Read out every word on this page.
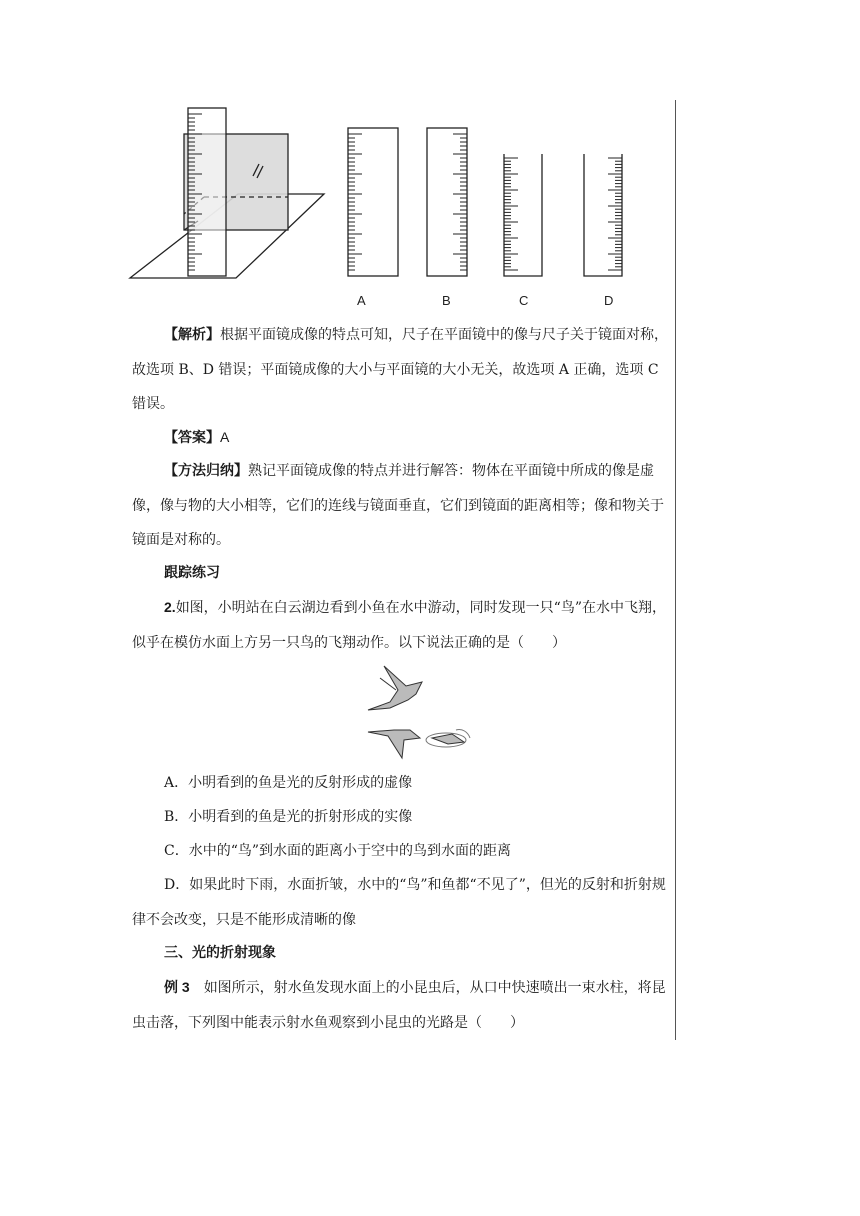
A	B	C	D

【解析】根据平面镜成像的特点可知，尺子在平面镜中的像与尺子关于镜面对称，故选项 B、D 错误；平面镜成像的大小与平面镜的大小无关，故选项 A 正确，选项 C 错误。

【答案】A

【方法归纳】熟记平面镜成像的特点并进行解答：物体在平面镜中所成的像是虚像，像与物的大小相等，它们的连线与镜面垂直，它们到镜面的距离相等；像和物关于镜面是对称的。

跟踪练习

2.如图，小明站在白云湖边看到小鱼在水中游动，同时发现一只“鸟”在水中飞翔，似乎在模仿水面上方另一只鸟的飞翔动作。以下说法正确的是（　　）

A．小明看到的鱼是光的反射形成的虚像

B．小明看到的鱼是光的折射形成的实像

C．水中的“鸟”到水面的距离小于空中的鸟到水面的距离

D．如果此时下雨，水面折皱，水中的“鸟”和鱼都“不见了”，但光的反射和折射规律不会改变，只是不能形成清晰的像

三、光的折射现象

例 3　 如图所示，射水鱼发现水面上的小昆虫后，从口中快速喷出一束水柱，将昆虫击落，下列图中能表示射水鱼观察到小昆虫的光路是（　　）
